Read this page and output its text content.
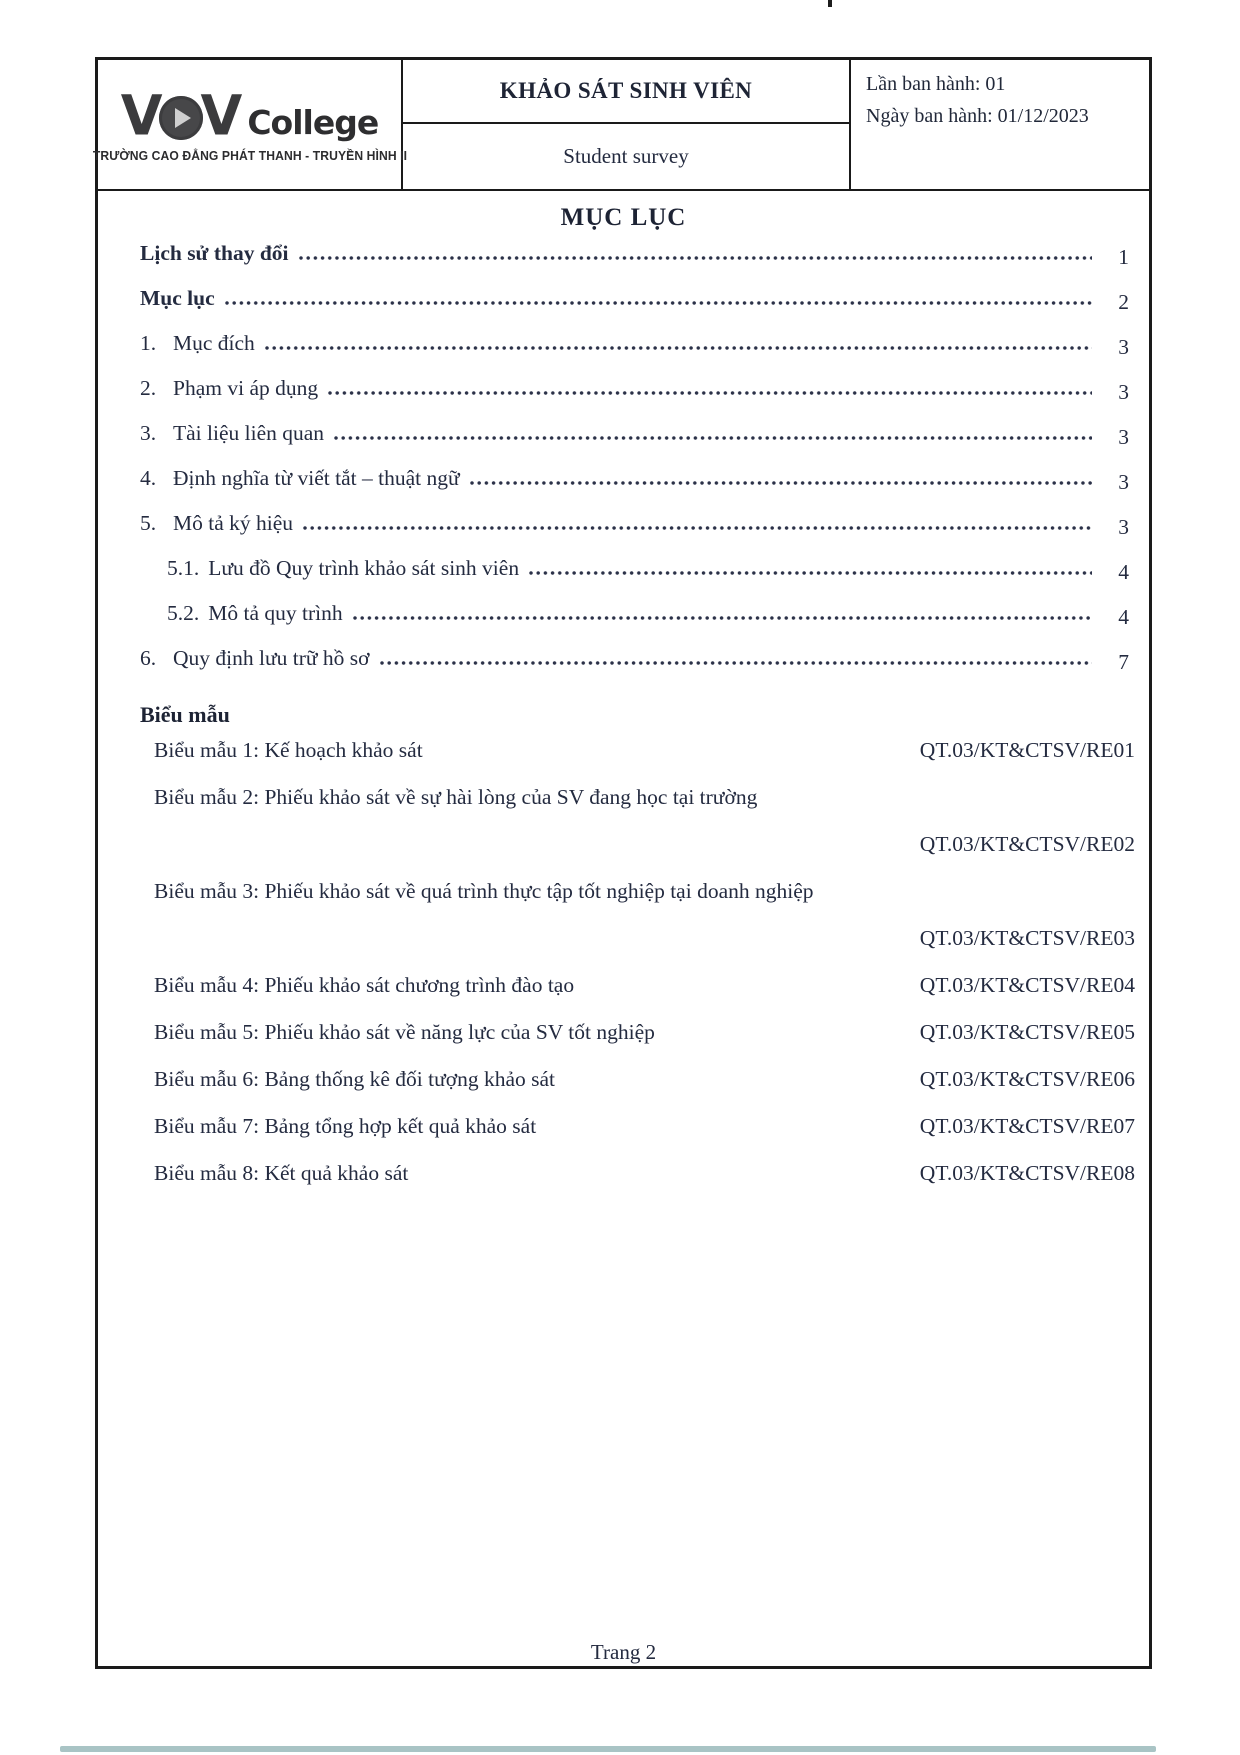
V V College
TRƯỜNG CAO ĐẲNG PHÁT THANH - TRUYỀN HÌNH II
KHẢO SÁT SINH VIÊN
Student survey
Lần ban hành: 01
Ngày ban hành: 01/12/2023
MỤC LỤC
Lịch sử thay đổi	1
Mục lục	2
1. Mục đích	3
2. Phạm vi áp dụng	3
3. Tài liệu liên quan	3
4. Định nghĩa từ viết tắt – thuật ngữ	3
5. Mô tả ký hiệu	3
5.1. Lưu đồ Quy trình khảo sát sinh viên	4
5.2. Mô tả quy trình	4
6. Quy định lưu trữ hồ sơ	7
Biểu mẫu
Biểu mẫu 1: Kế hoạch khảo sát	QT.03/KT&CTSV/RE01
Biểu mẫu 2: Phiếu khảo sát về sự hài lòng của SV đang học tại trường
QT.03/KT&CTSV/RE02
Biểu mẫu 3: Phiếu khảo sát về quá trình thực tập tốt nghiệp tại doanh nghiệp
QT.03/KT&CTSV/RE03
Biểu mẫu 4: Phiếu khảo sát chương trình đào tạo	QT.03/KT&CTSV/RE04
Biểu mẫu 5: Phiếu khảo sát về năng lực của SV tốt nghiệp	QT.03/KT&CTSV/RE05
Biểu mẫu 6: Bảng thống kê đối tượng khảo sát	QT.03/KT&CTSV/RE06
Biểu mẫu 7: Bảng tổng hợp kết quả khảo sát	QT.03/KT&CTSV/RE07
Biểu mẫu 8: Kết quả khảo sát	QT.03/KT&CTSV/RE08
Trang 2
